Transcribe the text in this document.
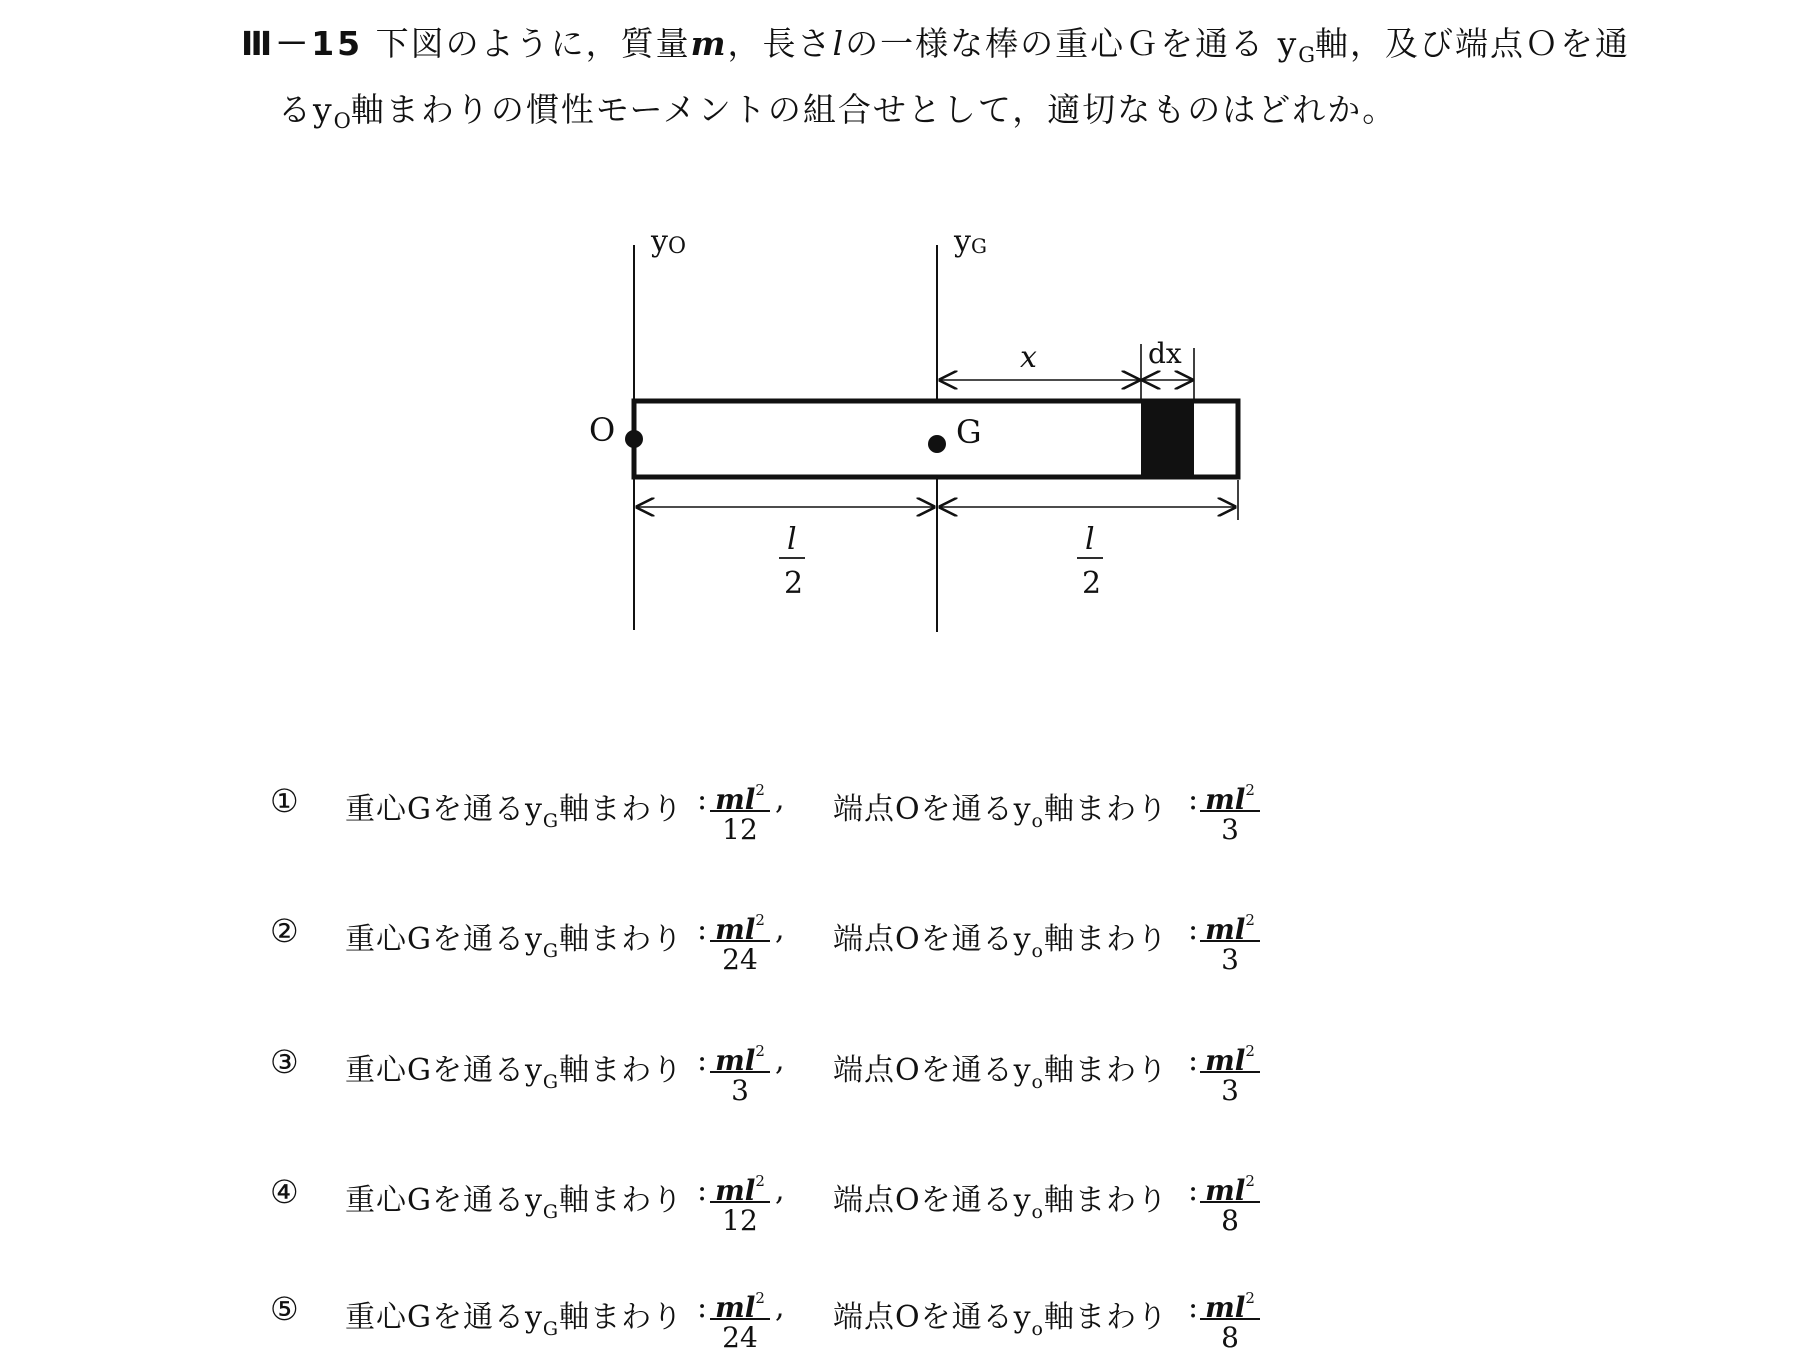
Ⅲ－15 下図のように，質量m，長さlの一様な棒の重心Ｇを通る $y_G$軸，及び端点Ｏを通
る$y_O$軸まわりの慣性モーメントの組合せとして，適切なものはどれか。
yO	yG
O	G
x	dx
l
2
l
2
① 重心Gを通る$y_G$軸まわり : $ml^2$
12
, 端点Oを通る$y_o$軸まわり : $ml^2$
3
② 重心Gを通る$y_G$軸まわり : $ml^2$
24
, 端点Oを通る$y_o$軸まわり : $ml^2$
3
③ 重心Gを通る$y_G$軸まわり : $ml^2$
3
, 端点Oを通る$y_o$軸まわり : $ml^2$
3
④ 重心Gを通る$y_G$軸まわり : $ml^2$
12
, 端点Oを通る$y_o$軸まわり : $ml^2$
8
⑤ 重心Gを通る$y_G$軸まわり : $ml^2$
24
, 端点Oを通る$y_o$軸まわり : $ml^2$
8
